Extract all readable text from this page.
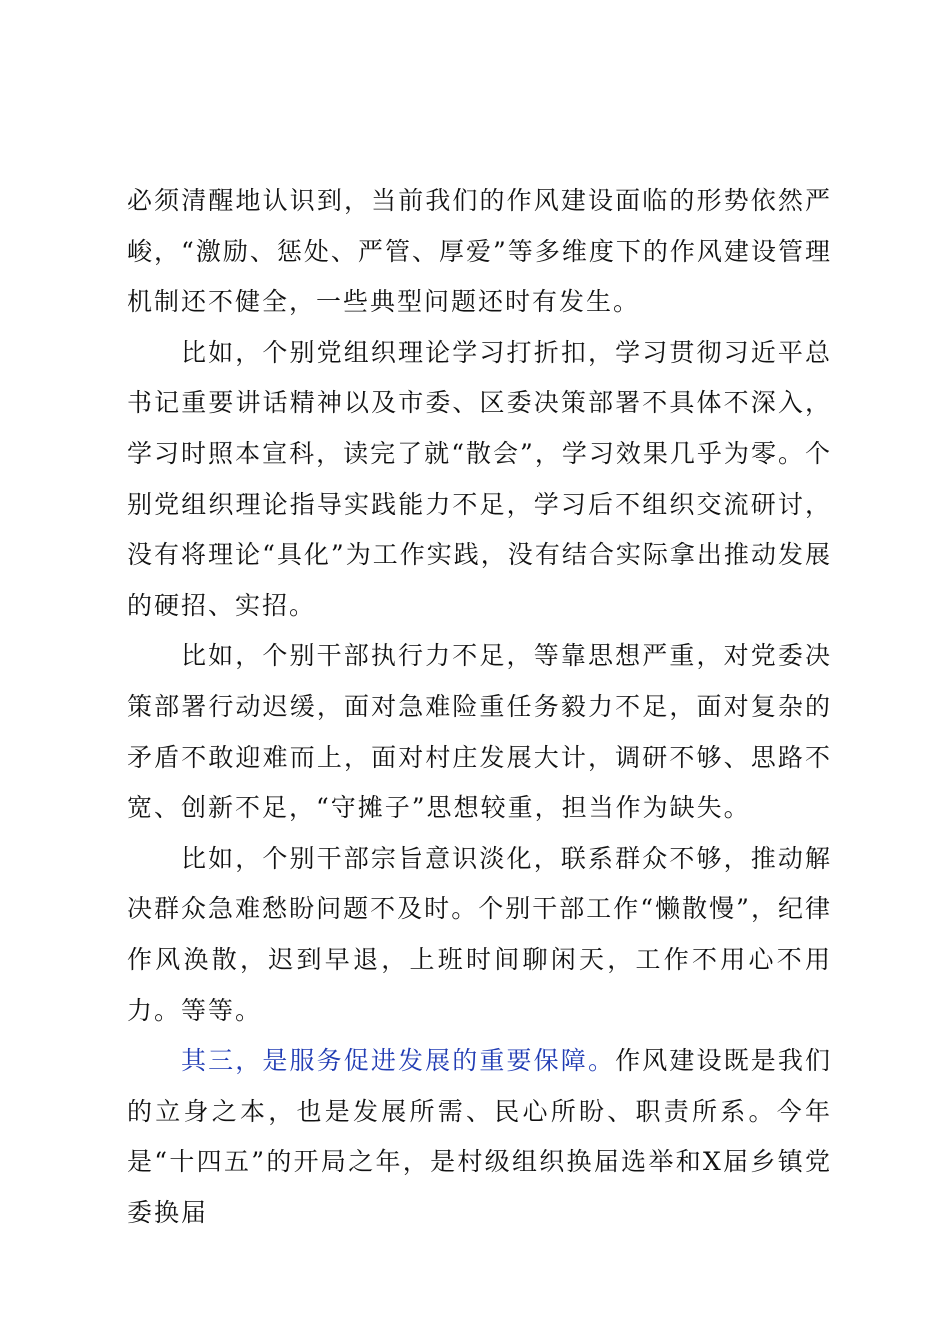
必须清醒地认识到，当前我们的作风建设面临的形势依然严峻，“激励、惩处、严管、厚爱”等多维度下的作风建设管理机制还不健全，一些典型问题还时有发生。

比如，个别党组织理论学习打折扣，学习贯彻习近平总书记重要讲话精神以及市委、区委决策部署不具体不深入，学习时照本宣科，读完了就“散会”，学习效果几乎为零。个别党组织理论指导实践能力不足，学习后不组织交流研讨，没有将理论“具化”为工作实践，没有结合实际拿出推动发展的硬招、实招。

比如，个别干部执行力不足，等靠思想严重，对党委决策部署行动迟缓，面对急难险重任务毅力不足，面对复杂的矛盾不敢迎难而上，面对村庄发展大计，调研不够、思路不宽、创新不足，“守摊子”思想较重，担当作为缺失。

比如，个别干部宗旨意识淡化，联系群众不够，推动解决群众急难愁盼问题不及时。个别干部工作“懒散慢”，纪律作风涣散，迟到早退，上班时间聊闲天，工作不用心不用力。等等。

其三，是服务促进发展的重要保障。作风建设既是我们的立身之本，也是发展所需、民心所盼、职责所系。今年是“十四五”的开局之年，是村级组织换届选举和X届乡镇党委换届
